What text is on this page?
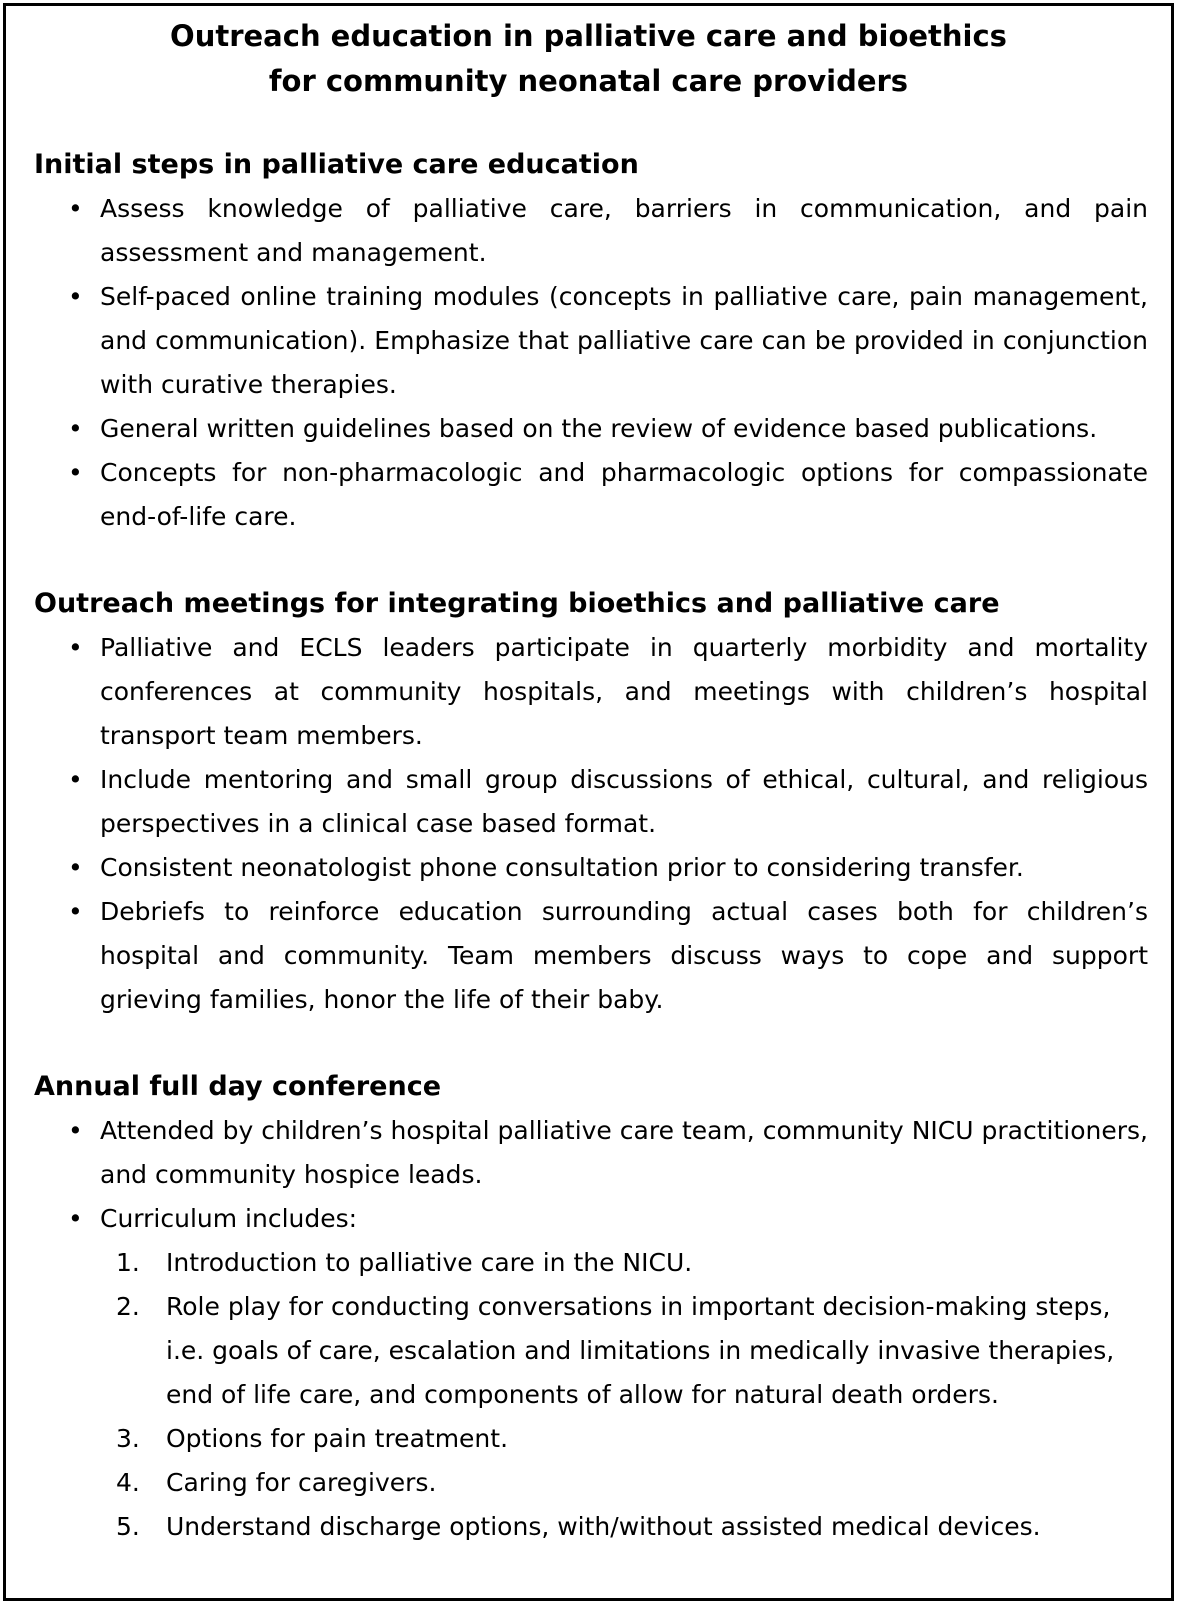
Outreach education in palliative care and bioethics
for community neonatal care providers
Initial steps in palliative care education
• Assess knowledge of palliative care, barriers in communication, and pain assessment and management.
• Self-paced online training modules (concepts in palliative care, pain management, and communication). Emphasize that palliative care can be provided in conjunction with curative therapies.
• General written guidelines based on the review of evidence based publications.
• Concepts for non-pharmacologic and pharmacologic options for compassionate end-of-life care.
Outreach meetings for integrating bioethics and palliative care
• Palliative and ECLS leaders participate in quarterly morbidity and mortality conferences at community hospitals, and meetings with children’s hospital transport team members.
• Include mentoring and small group discussions of ethical, cultural, and religious perspectives in a clinical case based format.
• Consistent neonatologist phone consultation prior to considering transfer.
• Debriefs to reinforce education surrounding actual cases both for children’s hospital and community. Team members discuss ways to cope and support grieving families, honor the life of their baby.
Annual full day conference
• Attended by children’s hospital palliative care team, community NICU practitioners, and community hospice leads.
• Curriculum includes:
1. Introduction to palliative care in the NICU.
2. Role play for conducting conversations in important decision-making steps, i.e. goals of care, escalation and limitations in medically invasive therapies, end of life care, and components of allow for natural death orders.
3. Options for pain treatment.
4. Caring for caregivers.
5. Understand discharge options, with/without assisted medical devices.
